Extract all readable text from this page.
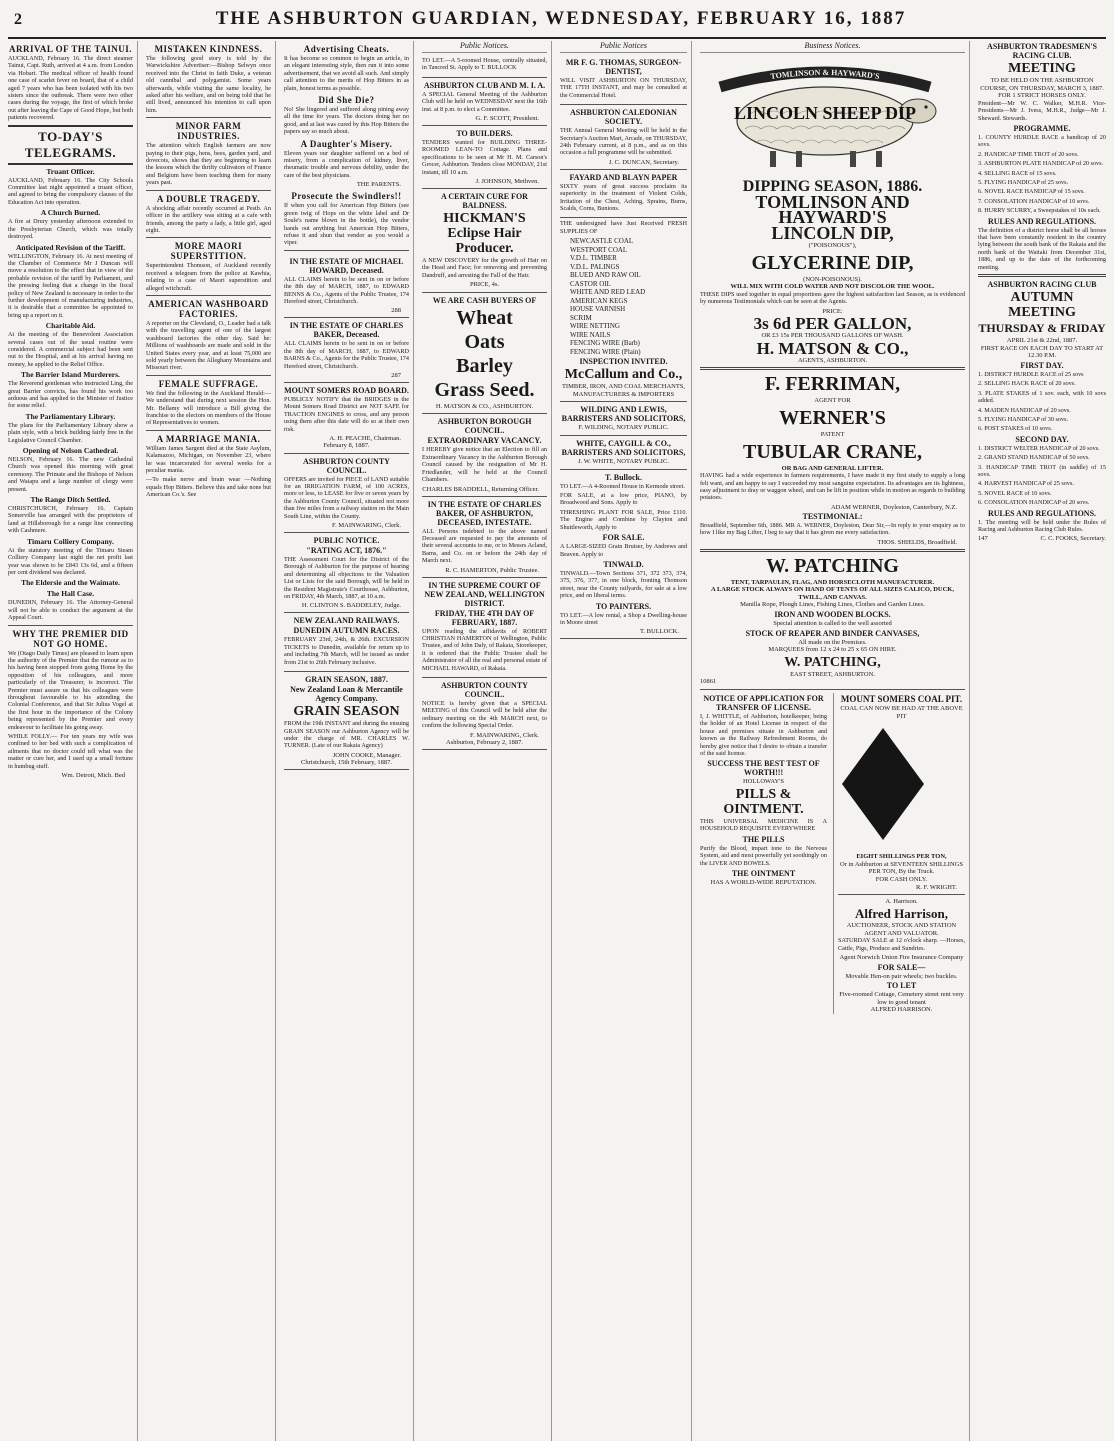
2	THE ASHBURTON GUARDIAN, WEDNESDAY, FEBRUARY 16, 1887
ARRIVAL OF THE TAINUI.

AUCKLAND, February 16. The direct steamer Tainui, Capt. Ruth, arrived at 4 a.m. from London via Hobart. The medical officer of health found one case of scarlet fever on board, that of a child aged 7 years who has been isolated with his two sisters since the outbreak. There were two other cases during the voyage, the first of which broke out after leaving the Cape of Good Hope, but both patients recovered.

TO-DAY'S TELEGRAMS.
Truant Officer.

AUCKLAND, February 16. The City Schools Committee last night appointed a truant officer, and agreed to bring the compulsory clauses of the Education Act into operation.

A Church Burned.

A fire at Drury yesterday afternoon extended to the Presbyterian Church, which was totally destroyed.

Anticipated Revision of the Tariff.

WELLINGTON, February 16. At next meeting of the Chamber of Commerce Mr J Duncan will move a resolution to the effect that in view of the probable revision of the tariff by Parliament, and the pressing feeling that a change in the fiscal policy of New Zealand is necessary in order to the further development of manufacturing industries, it is desirable that a committee be appointed to bring up a report on it.

Charitable Aid.

At the meeting of the Benevolent Association several cases out of the usual routine were considered. A commercial subject had been sent out to the Hospital, and at his arrival having no money, he applied to the Relief Office.

The Barrier Island Murderers.

The Reverend gentleman who instructed Ling, the great Barrier convicts, has found his work too arduous and has applied to the Minister of Justice for some relief.

The Parliamentary Library.

The plans for the Parliamentary Library show a plain style, with a brick building fairly free in the Legislative Council Chamber.

Opening of Nelson Cathedral.

NELSON, February 16. The new Cathedral Church was opened this morning with great ceremony. The Primate and the Bishops of Nelson and Waiapu and a large number of clergy were present.

The Range Ditch Settled.

CHRISTCHURCH, February 16. Captain Somerville has arranged with the proprietors of land at Hillsborough for a range line connecting with Cashmere.

Timaru Colliery Company.

At the statutory meeting of the Timaru Steam Colliery Company last night the net profit last year was shown to be £843 13s 6d, and a fifteen per cent dividend was declared.

The Eldersie and the Waimate.
The Hall Case.

DUNEDIN, February 16. The Attorney-General will not be able to conduct the argument at the Appeal Court.

WHY THE PREMIER DID NOT GO HOME.

We (Otago Daily Times) are pleased to learn upon the authority of the Premier that the rumour as to his having been stopped from going Home by the opposition of his colleagues, and more particularly of the Treasurer, is incorrect. The Premier must assure us that his colleagues were throughout favourable to his attending the Colonial Conference, and that Sir Julius Vogel at the first hour in the importance of the Colony being represented by the Premier and every endeavour to facilitate his going away.

WHILE FOLLY.— For ten years my wife was confined to her bed with such a complication of ailments that no doctor could tell what was the matter or cure her, and I used up a small fortune in humbug stuff.

Wm. Detroit, Mich. Bed
MISTAKEN KINDNESS.

The following good story is told by the Warwickshire Advertiser:—Bishop Selwyn once received into the Christ in faith Duke, a veteran old cannibal and polygamist. Some years afterwards, while visiting the same locality, he asked after his welfare, and on being told that he still lived, announced his intention to call upon him.

MINOR FARM INDUSTRIES.

The attention which English farmers are now paying to their pigs, hens, bees, garden yard, and dovecots, shows that they are beginning to learn the lessons which the thrifty cultivators of France and Belgium have been teaching them for many years past.

A DOUBLE TRAGEDY.

A shocking affair recently occurred at Pestb. An officer in the artillery was sitting at a cafe with friends, among the party a lady, a little girl, aged eight.

MORE MAORI SUPERSTITION.

Superintendent Thomson, of Auckland recently received a telegram from the police at Kawhia, relating to a case of Maori superstition and alleged witchcraft.

AMERICAN WASHBOARD FACTORIES.

A reporter on the Cleveland, O., Leader had a talk with the travelling agent of one of the largest washboard factories the other day. Said he: Millions of washboards are made and sold in the United States every year, and at least 75,000 are sold yearly between the Alleghany Mountains and Missouri river.

FEMALE SUFFRAGE.

We find the following in the Auckland Herald:—We understand that during next session the Hon. Mr. Bellamy will introduce a Bill giving the franchise to the electors on members of the House of Representatives to women.

A MARRIAGE MANIA.

William James Sargent died at the State Asylum, Kalamazoo, Michigan, on November 23, where he was incarcerated for several weeks for a peculiar mania.

—To make nerve and brain wear —Nothing equals Hop Bitters. Believe this and take none but American Co.'s. See

Advertising Cheats.

It has become so common to begin an article, in an elegant interesting style, then run it into some advertisement, that we avoid all such. And simply call attention to the merits of Hop Bitters in as plain, honest terms as possible.

Did She Die?

No! She lingered and suffered along pining away all the time for years. The doctors doing her no good, and at last was cured by this Hop Bitters the papers say so much about.

A Daughter's Misery.

Eleven years our daughter suffered on a bed of misery, from a complication of kidney, liver, rheumatic trouble and nervous debility, under the care of the best physicians.

THE PARENTS.
Prosecute the Swindlers!!

If when you call for American Hop Bitters (see green twig of Hops on the white label and Dr Soule's name blown in the bottle), the vendor hands out anything but American Hop Bitters, refuse it and shun that vendor as you would a viper.

IN THE ESTATE OF MICHAEL HOWARD, Deceased.

ALL CLAIMS herein to be sent in on or before the 8th day of MARCH, 1887, to EDWARD BENNS & Co., Agents of the Public Trustee, 174 Hereford street, Christchurch.

288
IN THE ESTATE OF CHARLES BAKER, Deceased.

ALL CLAIMS herein to be sent in on or before the 8th day of MARCH, 1887, to EDWARD BARNS & Co., Agents for the Public Trustee, 174 Hereford street, Christchurch.

287
MOUNT SOMERS ROAD BOARD.

PUBLICLY NOTIFY that the BRIDGES in the Mount Somers Road District are NOT SAFE for TRACTION ENGINES to cross, and any person using them after this date will do so at their own risk.

A. H. PEACHE, Chairman.
February 8, 1887.
ASHBURTON COUNTY COUNCIL.

OFFERS are invited for PIECE of LAND suitable for an IRRIGATION FARM, of 100 ACRES, more or less, to LEASE for five or seven years by the Ashburton County Council, situated not more than five miles from a railway station on the Main South Line, within the County.

F. MAINWARING, Clerk.
PUBLIC NOTICE.
"RATING ACT, 1876."

THE Assessment Court for the District of the Borough of Ashburton for the purpose of hearing and determining all objections to the Valuation List or Lists for the said Borough, will be held in the Resident Magistrate's Courthouse, Ashburton, on FRIDAY, 4th March, 1887, at 10 a.m.

H. CLINTON S. BADDELEY, Judge.
NEW ZEALAND RAILWAYS.
DUNEDIN AUTUMN RACES.

FEBRUARY 23rd, 24th, & 26th. EXCURSION TICKETS to Dunedin, available for return up to and including 7th March, will be issued as under from 21st to 26th February inclusive.

GRAIN SEASON, 1887.
New Zealand Loan & Mercantile Agency Company.
GRAIN SEASON

FROM the 19th INSTANT and during the ensuing GRAIN SEASON our Ashburton Agency will be under the charge of MR. CHARLES W. TURNER. (Late of our Rakaia Agency)

JOHN COOKE, Manager.
Christchurch, 15th February, 1887.
Public Notices.

TO LET.—A 5-roomed House, centrally situated, in Tancred St. Apply to T. BULLOCK

ASHBURTON CLUB AND M. I. A.

A SPECIAL General Meeting of the Ashburton Club will be held on WEDNESDAY next the 16th inst. at 8 p.m. to elect a Committee.

G. F. SCOTT, President.
TO BUILDERS.

TENDERS wanted for BUILDING THREE-ROOMED LEAN-TO Cottage. Plans and specifications to be seen at Mr H. M. Carson's Grocer, Ashburton. Tenders close MONDAY, 21st instant, till 10 a.m.

J. JOHNSON, Methven.
A CERTAIN CURE FOR BALDNESS.
HICKMAN'S Eclipse Hair Producer.

A NEW DISCOVERY for the growth of Hair on the Head and Face; for removing and preventing Dandruff, and arresting the Fall of the Hair.

PRICE, 4s.
WE ARE CASH BUYERS OF
Wheat
Oats
Barley
Grass Seed.
H. MATSON & CO., ASHBURTON.
ASHBURTON BOROUGH COUNCIL.
EXTRAORDINARY VACANCY.

I HEREBY give notice that an Election to fill an Extraordinary Vacancy in the Ashburton Borough Council caused by the resignation of Mr H. Friedlander, will be held at the Council Chambers.

CHARLES BRADDELL, Returning Officer.
IN THE ESTATE OF CHARLES BAKER, OF ASHBURTON, DECEASED, INTESTATE.

ALL Persons indebted to the above named Deceased are requested to pay the amounts of their several accounts to me, or to Messrs Acland, Barns, and Co. on or before the 24th day of March next.

R. C. HAMERTON, Public Trustee.
IN THE SUPREME COURT OF NEW ZEALAND, WELLINGTON DISTRICT.
FRIDAY, THE 4TH DAY OF FEBRUARY, 1887.

UPON reading the affidavits of ROBERT CHRISTIAN HAMERTON of Wellington, Public Trustee, and of John Daly, of Rakaia, Storekeeper, it is ordered that the Public Trustee shall be Administrator of all the real and personal estate of MICHAEL HAWARD, of Rakaia.

ASHBURTON COUNTY COUNCIL.

NOTICE is hereby given that a SPECIAL MEETING of this Council will be held after the ordinary meeting on the 4th MARCH next, to confirm the following Special Order.

F. MAINWARING, Clerk.
Ashburton, February 2, 1887.
Public Notices
MR F. G. THOMAS, SURGEON-DENTIST,

WILL VISIT ASHBURTON ON THURSDAY, THE 17TH INSTANT, and may be consulted at the Commercial Hotel.

ASHBURTON CALEDONIAN SOCIETY.

THE Annual General Meeting will be held in the Secretary's Auction Mart, Arcade, on THURSDAY, 24th February current, at 8 p.m., and as on this occasion a full programme will be submitted.

J. C. DUNCAN, Secretary.
FAYARD AND BLAYN PAPER

SIXTY years of great success proclaim its superiority in the treatment of Violent Colds, Irritation of the Chest, Aching, Sprains, Burns, Scalds, Corns, Bunions.

THE undersigned have Just Received FRESH SUPPLIES OF

NEWCASTLE COAL
WESTPORT COAL
V.D.L. TIMBER
V.D.L. PALINGS
BLUED AND RAW OIL
CASTOR OIL
WHITE AND RED LEAD
AMERICAN KEGS
HOUSE VARNISH
SCRIM
WIRE NETTING
WIRE NAILS
FENCING WIRE (Barb)
FENCING WIRE (Plain)
INSPECTION INVITED.
McCallum and Co.,
TIMBER, IRON, AND COAL MERCHANTS, MANUFACTURERS & IMPORTERS
WILDING AND LEWIS, BARRISTERS AND SOLICITORS,
F. WILDING, NOTARY PUBLIC.
WHITE, CAYGILL & CO., BARRISTERS AND SOLICITORS,
J. W. WHITE, NOTARY PUBLIC.
T. Bullock.

TO LET.—A 4-Roomed House in Kermode street.

FOR SALE, at a low price, PIANO, by Broadwood and Sons. Apply to

THRESHING PLANT FOR SALE, Price £110. The Engine and Combine by Clayton and Shuttleworth, Apply to

FOR SALE.

A LARGE-SIZED Grain Bruiser, by Andrews and Beaven. Apply to

TINWALD.

TINWALD.—Town Sections 371, 372 373, 374, 375, 376, 377, in one block, fronting Thomson street, near the County railyards, for sale at a low price, and on liberal terms.

TO PAINTERS.

TO LET.—A low rental, a Shop a Dwelling-house in Moore street

T. BULLOCK.
Business Notices.
TOMLINSON & HAYWARD'S
LINCOLN SHEEP DIP
DIPPING SEASON, 1886.
TOMLINSON AND HAYWARD'S
LINCOLN DIP,
("POISONOUS"),
GLYCERINE DIP,
(NON-POISONOUS).
WILL MIX WITH COLD WATER AND NOT DISCOLOR THE WOOL.

THESE DIPS used together in equal proportions gave the highest satisfaction last Season, as is evidenced by numerous Testimonials which can be seen at the Agents.

PRICE:
3s 6d PER GALLON,
OR £3 15s PER THOUSAND GALLONS OF WASH.
H. MATSON & CO.,
AGENTS, ASHBURTON.
F. FERRIMAN,
AGENT FOR
WERNER'S
PATENT
TUBULAR CRANE,
OR BAG AND GENERAL LIFTER.

HAVING had a wide experience in farmers requirements, I have made it my first study to supply a long felt want, and am happy to say I succeeded my most sanguine expectation. Its advantages are its lightness, easy adjustment to dray or waggon wheel, and can be lift in position while in motion as regards to building potatoes.

ADAM WERNER, Doyleston, Canterbury, N.Z.
TESTIMONIAL:

Broadfield, September 6th, 1886. MR A. WERNER, Doyleston, Dear Sir,—In reply to your enquiry as to how I like my Bag Lifter, I beg to say that it has given me every satisfaction.

THOS. SHIELDS, Broadfield.
W. PATCHING
TENT, TARPAULIN, FLAG, AND HORSECLOTH MANUFACTURER.
A LARGE STOCK ALWAYS ON HAND OF TENTS OF ALL SIZES CALICO, DUCK, TWILL, AND CANVAS.
Manilla Rope, Plough Lines, Fishing Lines, Clothes and Garden Lines.
IRON AND WOODEN BLOCKS.
Special attention is called to the well assorted
STOCK OF REAPER AND BINDER CANVASES,
All made on the Premises.
MARQUEES from 12 x 24 to 25 x 65 ON HIRE.
W. PATCHING,
EAST STREET, ASHBURTON.
10861
NOTICE OF APPLICATION FOR TRANSFER OF LICENSE.

I, J. WHITTLE, of Ashburton, hotelkeeper, being the holder of an Hotel License in respect of the house and premises situate in Ashburton and known as the Railway Refreshment Rooms, do hereby give notice that I desire to obtain a transfer of the said license.

SUCCESS THE BEST TEST OF WORTH!!!
HOLLOWAY'S
PILLS & OINTMENT.

THIS UNIVERSAL MEDICINE IS A HOUSEHOLD REQUISITE EVERYWHERE

THE PILLS

Purify the Blood, impart tone to the Nervous System, aid and most powerfully yet soothingly on the LIVER AND BOWELS.

THE OINTMENT
HAS A WORLD-WIDE REPUTATION.
MOUNT SOMERS COAL PIT.
COAL CAN NOW BE HAD AT THE ABOVE PIT
EIGHT SHILLINGS PER TON,
Or in Ashburton at SEVENTEEN SHILLINGS PER TON, By the Truck.
FOR CASH ONLY.
R. F. WRIGHT.
A. Harrison.
Alfred Harrison,
AUCTIONEER, STOCK AND STATION AGENT AND VALUATOR.

SATURDAY SALE at 12 o'clock sharp. —Horses, Cattle, Pigs, Produce and Sundries.

Agent Norwich Union Fire Insurance Company
FOR SALE—
Movable Hen-on pair wheels; two buckles.
TO LET
Five-roomed Cottage, Cemetery street rent very low to good tenant
ALFRED HARRISON.
ASHBURTON TRADESMEN'S RACING CLUB.
MEETING
TO BE HELD ON THE ASHBURTON COURSE, ON THURSDAY, MARCH 3, 1887.
FOR 1 STRICT HORSES ONLY.

President—Mr W. C. Walker, M.H.R. Vice-Presidents—Mr J. Ivess, M.H.R., Judge—Mr J. Sheward. Stewards.

PROGRAMME.

1. COUNTY HURDLE RACE a handicap of 20 sovs.

2. HANDICAP TIME TROT of 20 sovs.

3. ASHBURTON PLATE HANDICAP of 20 sovs.

4. SELLING RACE of 15 sovs.

5. FLYING HANDICAP of 25 sovs.

6. NOVEL RACE HANDICAP of 15 sovs.

7. CONSOLATION HANDICAP of 10 sovs.

8. HURRY SCURRY, a Sweepstakes of 10s each.

RULES AND REGULATIONS.

The definition of a district horse shall be all horses that have been constantly resident in the country lying between the south bank of the Rakaia and the north bank of the Waitaki from December 31st, 1886, and up to the date of the forthcoming meeting.

ASHBURTON RACING CLUB
AUTUMN MEETING
THURSDAY & FRIDAY
APRIL 21st & 22nd, 1887.
FIRST RACE ON EACH DAY TO START AT 12.30 P.M.
FIRST DAY.

1. DISTRICT HURDLE RACE of 25 sovs

2. SELLING HACK RACE of 20 sovs.

3. PLATE STAKES of 1 sov. each, with 10 sovs added.

4. MAIDEN HANDICAP of 20 sovs.

5. FLYING HANDICAP of 30 sovs.

6. POST STAKES of 10 sovs.

SECOND DAY.

1. DISTRICT WELTER HANDICAP of 20 sovs.

2. GRAND STAND HANDICAP of 50 sovs.

3. HANDICAP TIME TROT (in saddle) of 15 sovs.

4. HARVEST HANDICAP of 25 sovs.

5. NOVEL RACE of 10 sovs.

6. CONSOLATION HANDICAP of 20 sovs.

RULES AND REGULATIONS.

1. The meeting will be held under the Rules of Racing and Ashburton Racing Club Rules.

147	C. C. FOOKS, Secretary.
